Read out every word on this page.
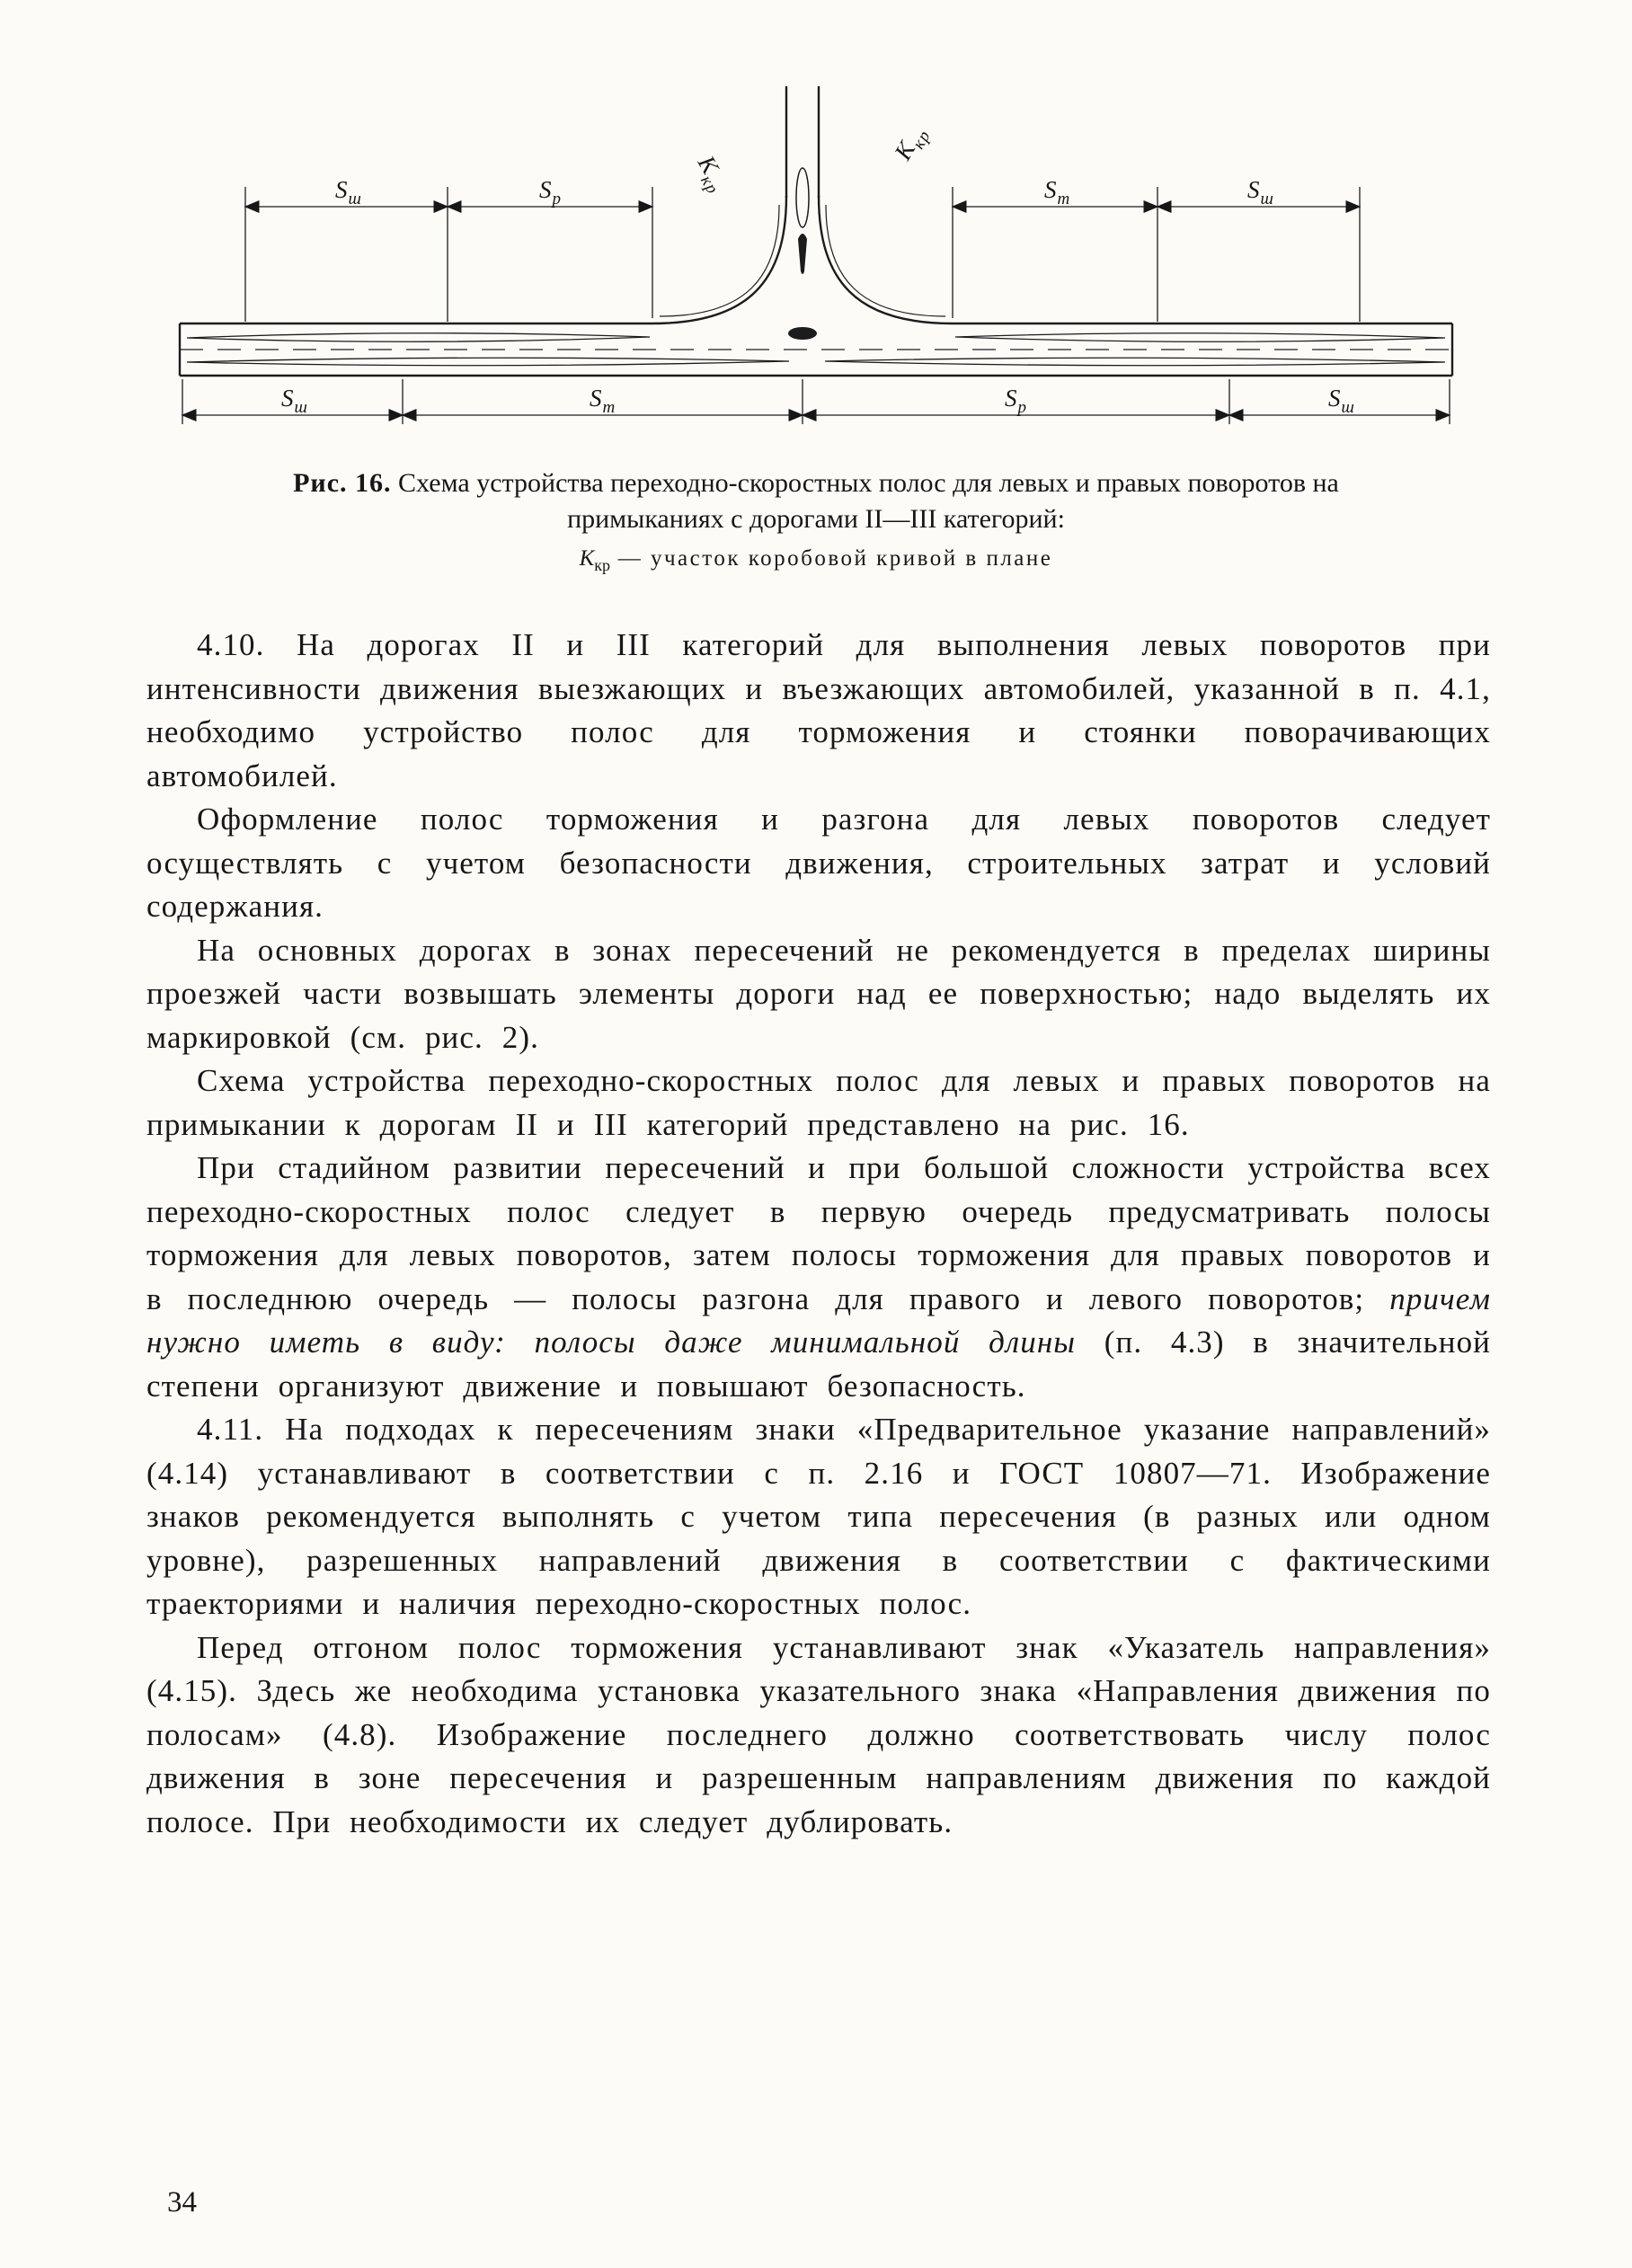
$S_ш$	$S_р$	$S_т$	$S_ш$
$К_{кр}$
$К_{кр}$
$S_ш$	$S_т$	$S_р$	$S_ш$

Рис. 16. Схема устройства переходно-скоростных полос для левых и правых поворотов на примыканиях с дорогами II—III категорий:

$К_{кр}$ — участок коробовой кривой в плане

4.10. На дорогах II и III категорий для выполнения левых поворотов при интенсивности движения выезжающих и въезжающих автомобилей, указанной в п. 4.1, необходимо устройство полос для торможения и стоянки поворачивающих автомобилей.

Оформление полос торможения и разгона для левых поворотов следует осуществлять с учетом безопасности движения, строительных затрат и условий содержания.

На основных дорогах в зонах пересечений не рекомендуется в пределах ширины проезжей части возвышать элементы дороги над ее поверхностью; надо выделять их маркировкой (см. рис. 2).

Схема устройства переходно-скоростных полос для левых и правых поворотов на примыкании к дорогам II и III категорий представлено на рис. 16.

При стадийном развитии пересечений и при большой сложности устройства всех переходно-скоростных полос следует в первую очередь предусматривать полосы торможения для левых поворотов, затем полосы торможения для правых поворотов и в последнюю очередь — полосы разгона для правого и левого поворотов; причем нужно иметь в виду: полосы даже минимальной длины (п. 4.3) в значительной степени организуют движение и повышают безопасность.

4.11. На подходах к пересечениям знаки «Предварительное указание направлений» (4.14) устанавливают в соответствии с п. 2.16 и ГОСТ 10807—71. Изображение знаков рекомендуется выполнять с учетом типа пересечения (в разных или одном уровне), разрешенных направлений движения в соответствии с фактическими траекториями и наличия переходно-скоростных полос.

Перед отгоном полос торможения устанавливают знак «Указатель направления» (4.15). Здесь же необходима установка указательного знака «Направления движения по полосам» (4.8). Изображение последнего должно соответствовать числу полос движения в зоне пересечения и разрешенным направлениям движения по каждой полосе. При необходимости их следует дублировать.

34
